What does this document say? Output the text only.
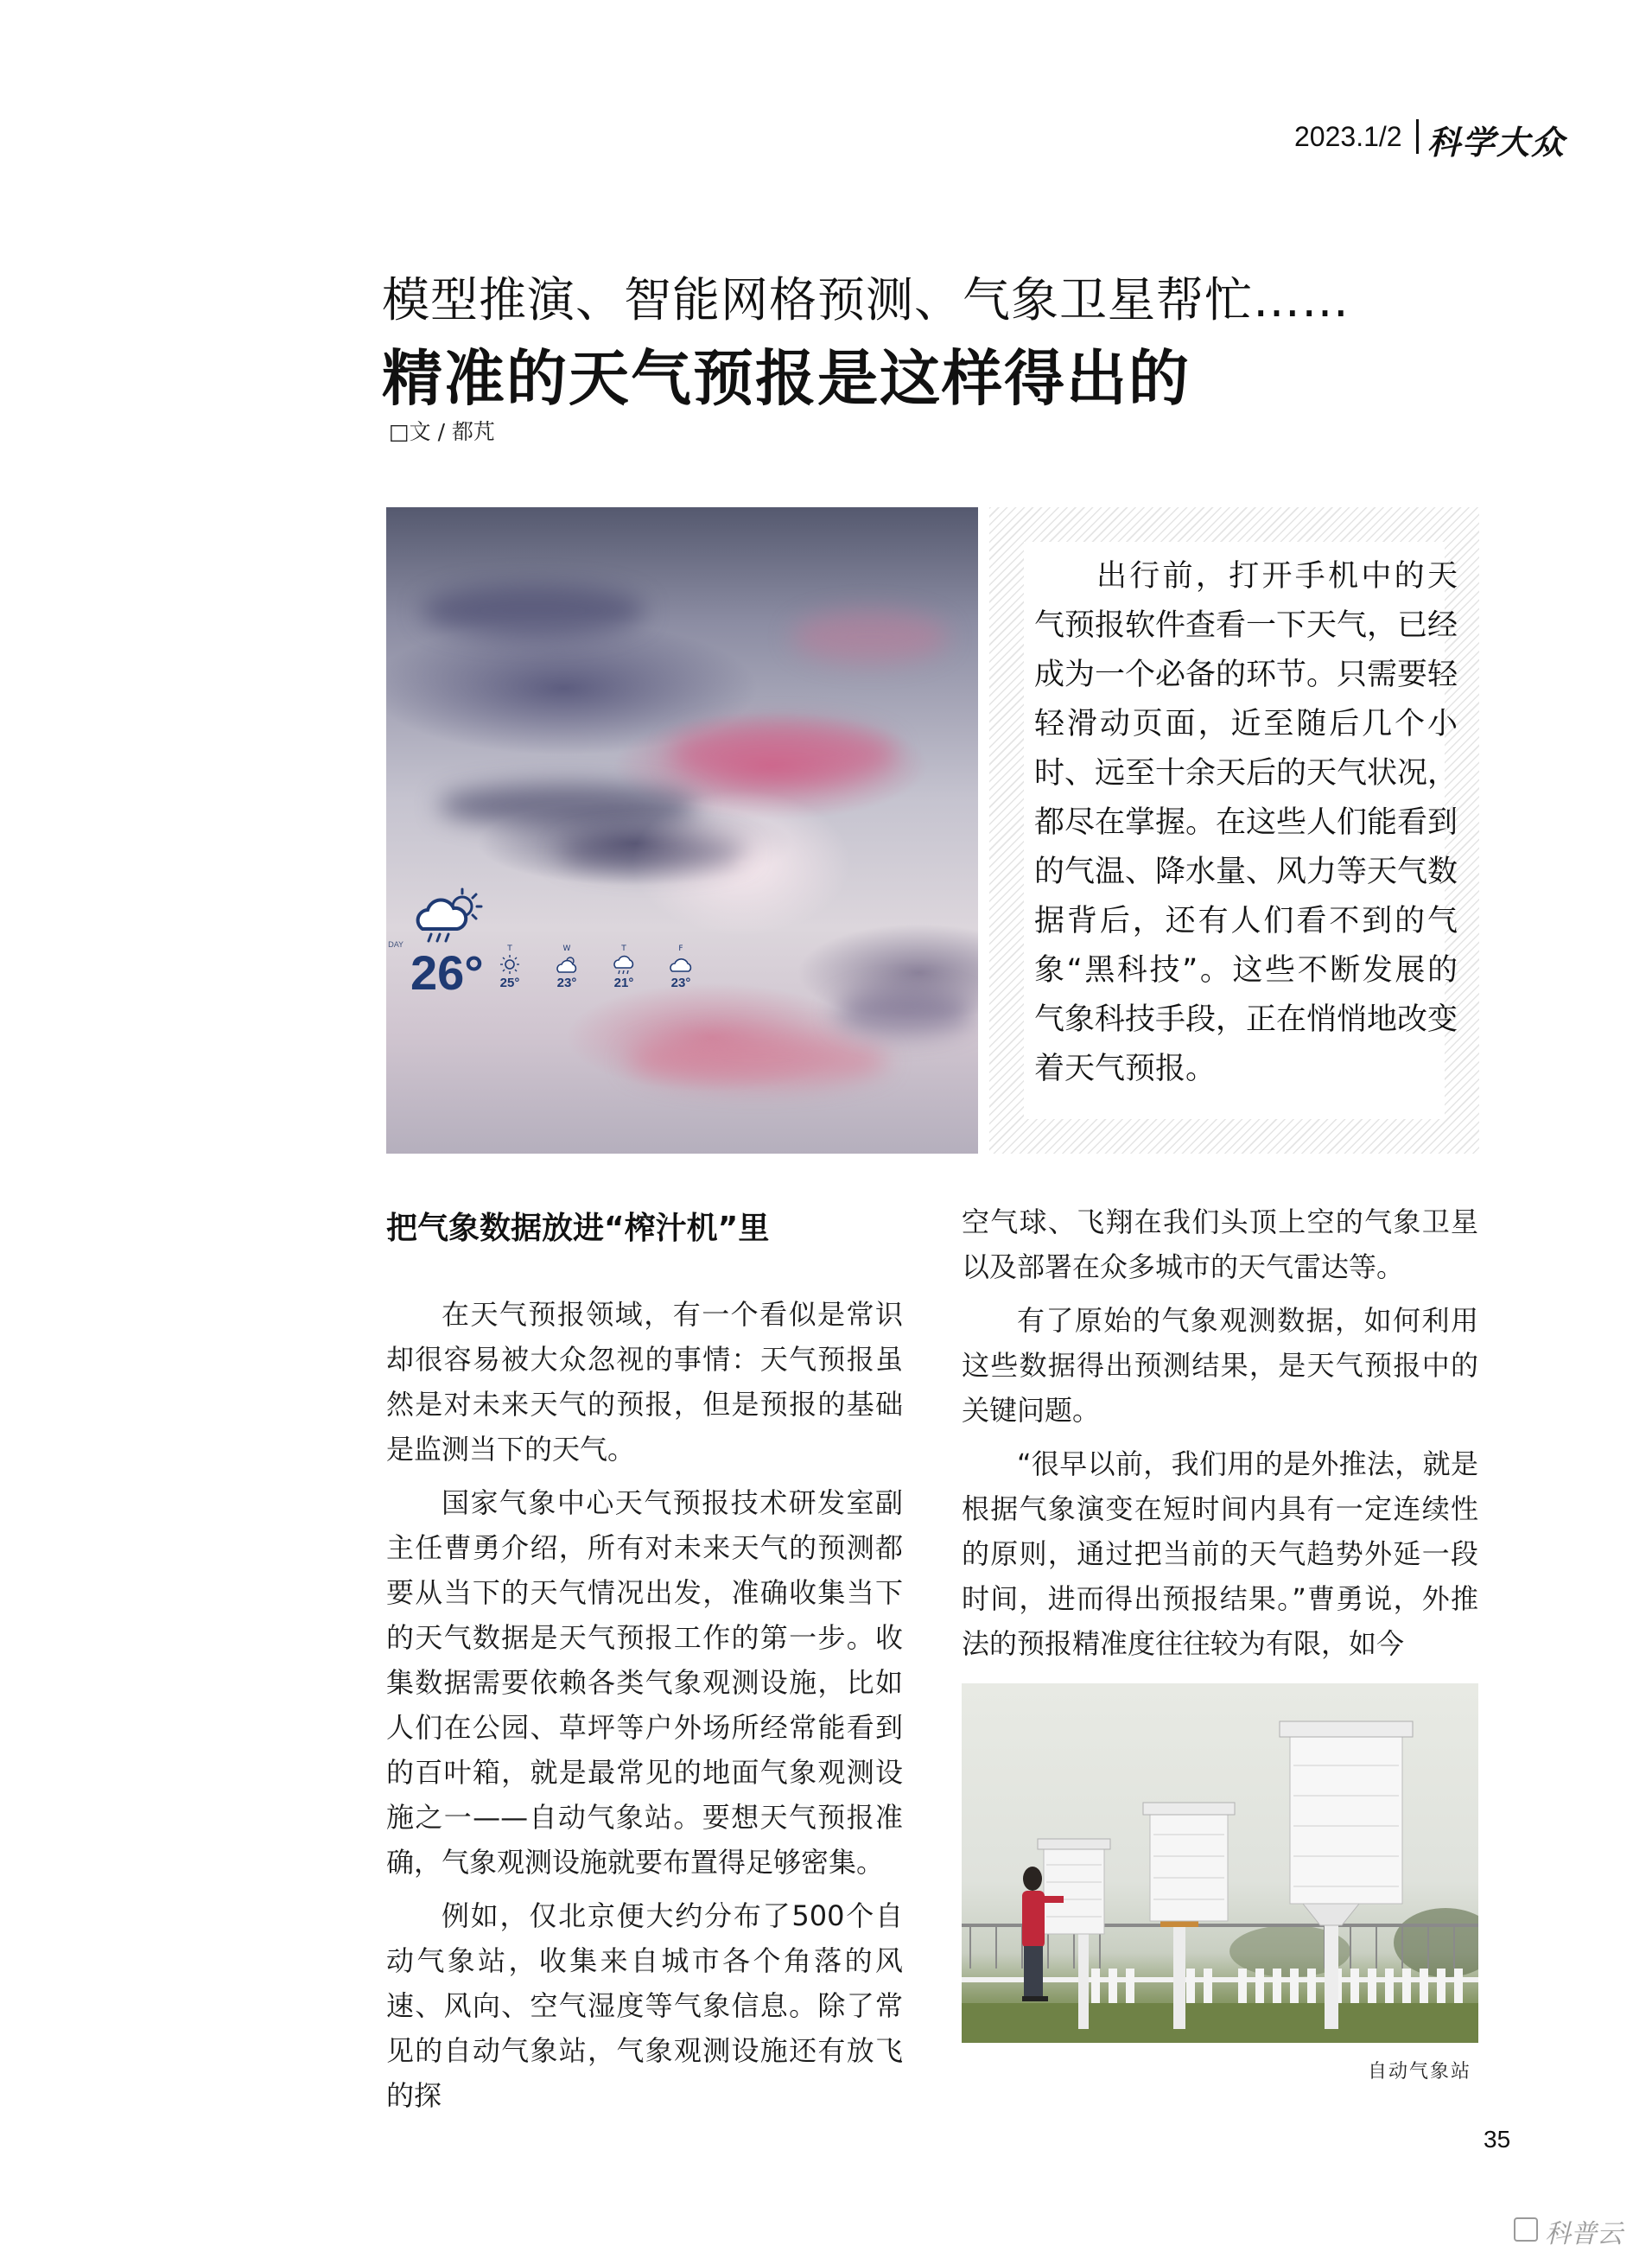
2023.1/2 科学大众
模型推演、智能网格预测、气象卫星帮忙……
精准的天气预报是这样得出的
□文 / 都芃
DAY 26°	T
25°
W
23°
T
21°
F
23°
出行前，打开手机中的天气预报软件查看一下天气，已经成为一个必备的环节。只需要轻轻滑动页面，近至随后几个小时、远至十余天后的天气状况，都尽在掌握。在这些人们能看到的气温、降水量、风力等天气数据背后，还有人们看不到的气象“黑科技”。这些不断发展的气象科技手段，正在悄悄地改变着天气预报。
把气象数据放进“榨汁机”里

在天气预报领域，有一个看似是常识却很容易被大众忽视的事情：天气预报虽然是对未来天气的预报，但是预报的基础是监测当下的天气。

国家气象中心天气预报技术研发室副主任曹勇介绍，所有对未来天气的预测都要从当下的天气情况出发，准确收集当下的天气数据是天气预报工作的第一步。收集数据需要依赖各类气象观测设施，比如人们在公园、草坪等户外场所经常能看到的百叶箱，就是最常见的地面气象观测设施之一——自动气象站。要想天气预报准确，气象观测设施就要布置得足够密集。

例如，仅北京便大约分布了500个自动气象站，收集来自城市各个角落的风速、风向、空气湿度等气象信息。除了常见的自动气象站，气象观测设施还有放飞的探

空气球、飞翔在我们头顶上空的气象卫星以及部署在众多城市的天气雷达等。

有了原始的气象观测数据，如何利用这些数据得出预测结果，是天气预报中的关键问题。

“很早以前，我们用的是外推法，就是根据气象演变在短时间内具有一定连续性的原则，通过把当前的天气趋势外延一段时间，进而得出预报结果。”曹勇说，外推法的预报精准度往往较为有限，如今

自动气象站
35
科普云
